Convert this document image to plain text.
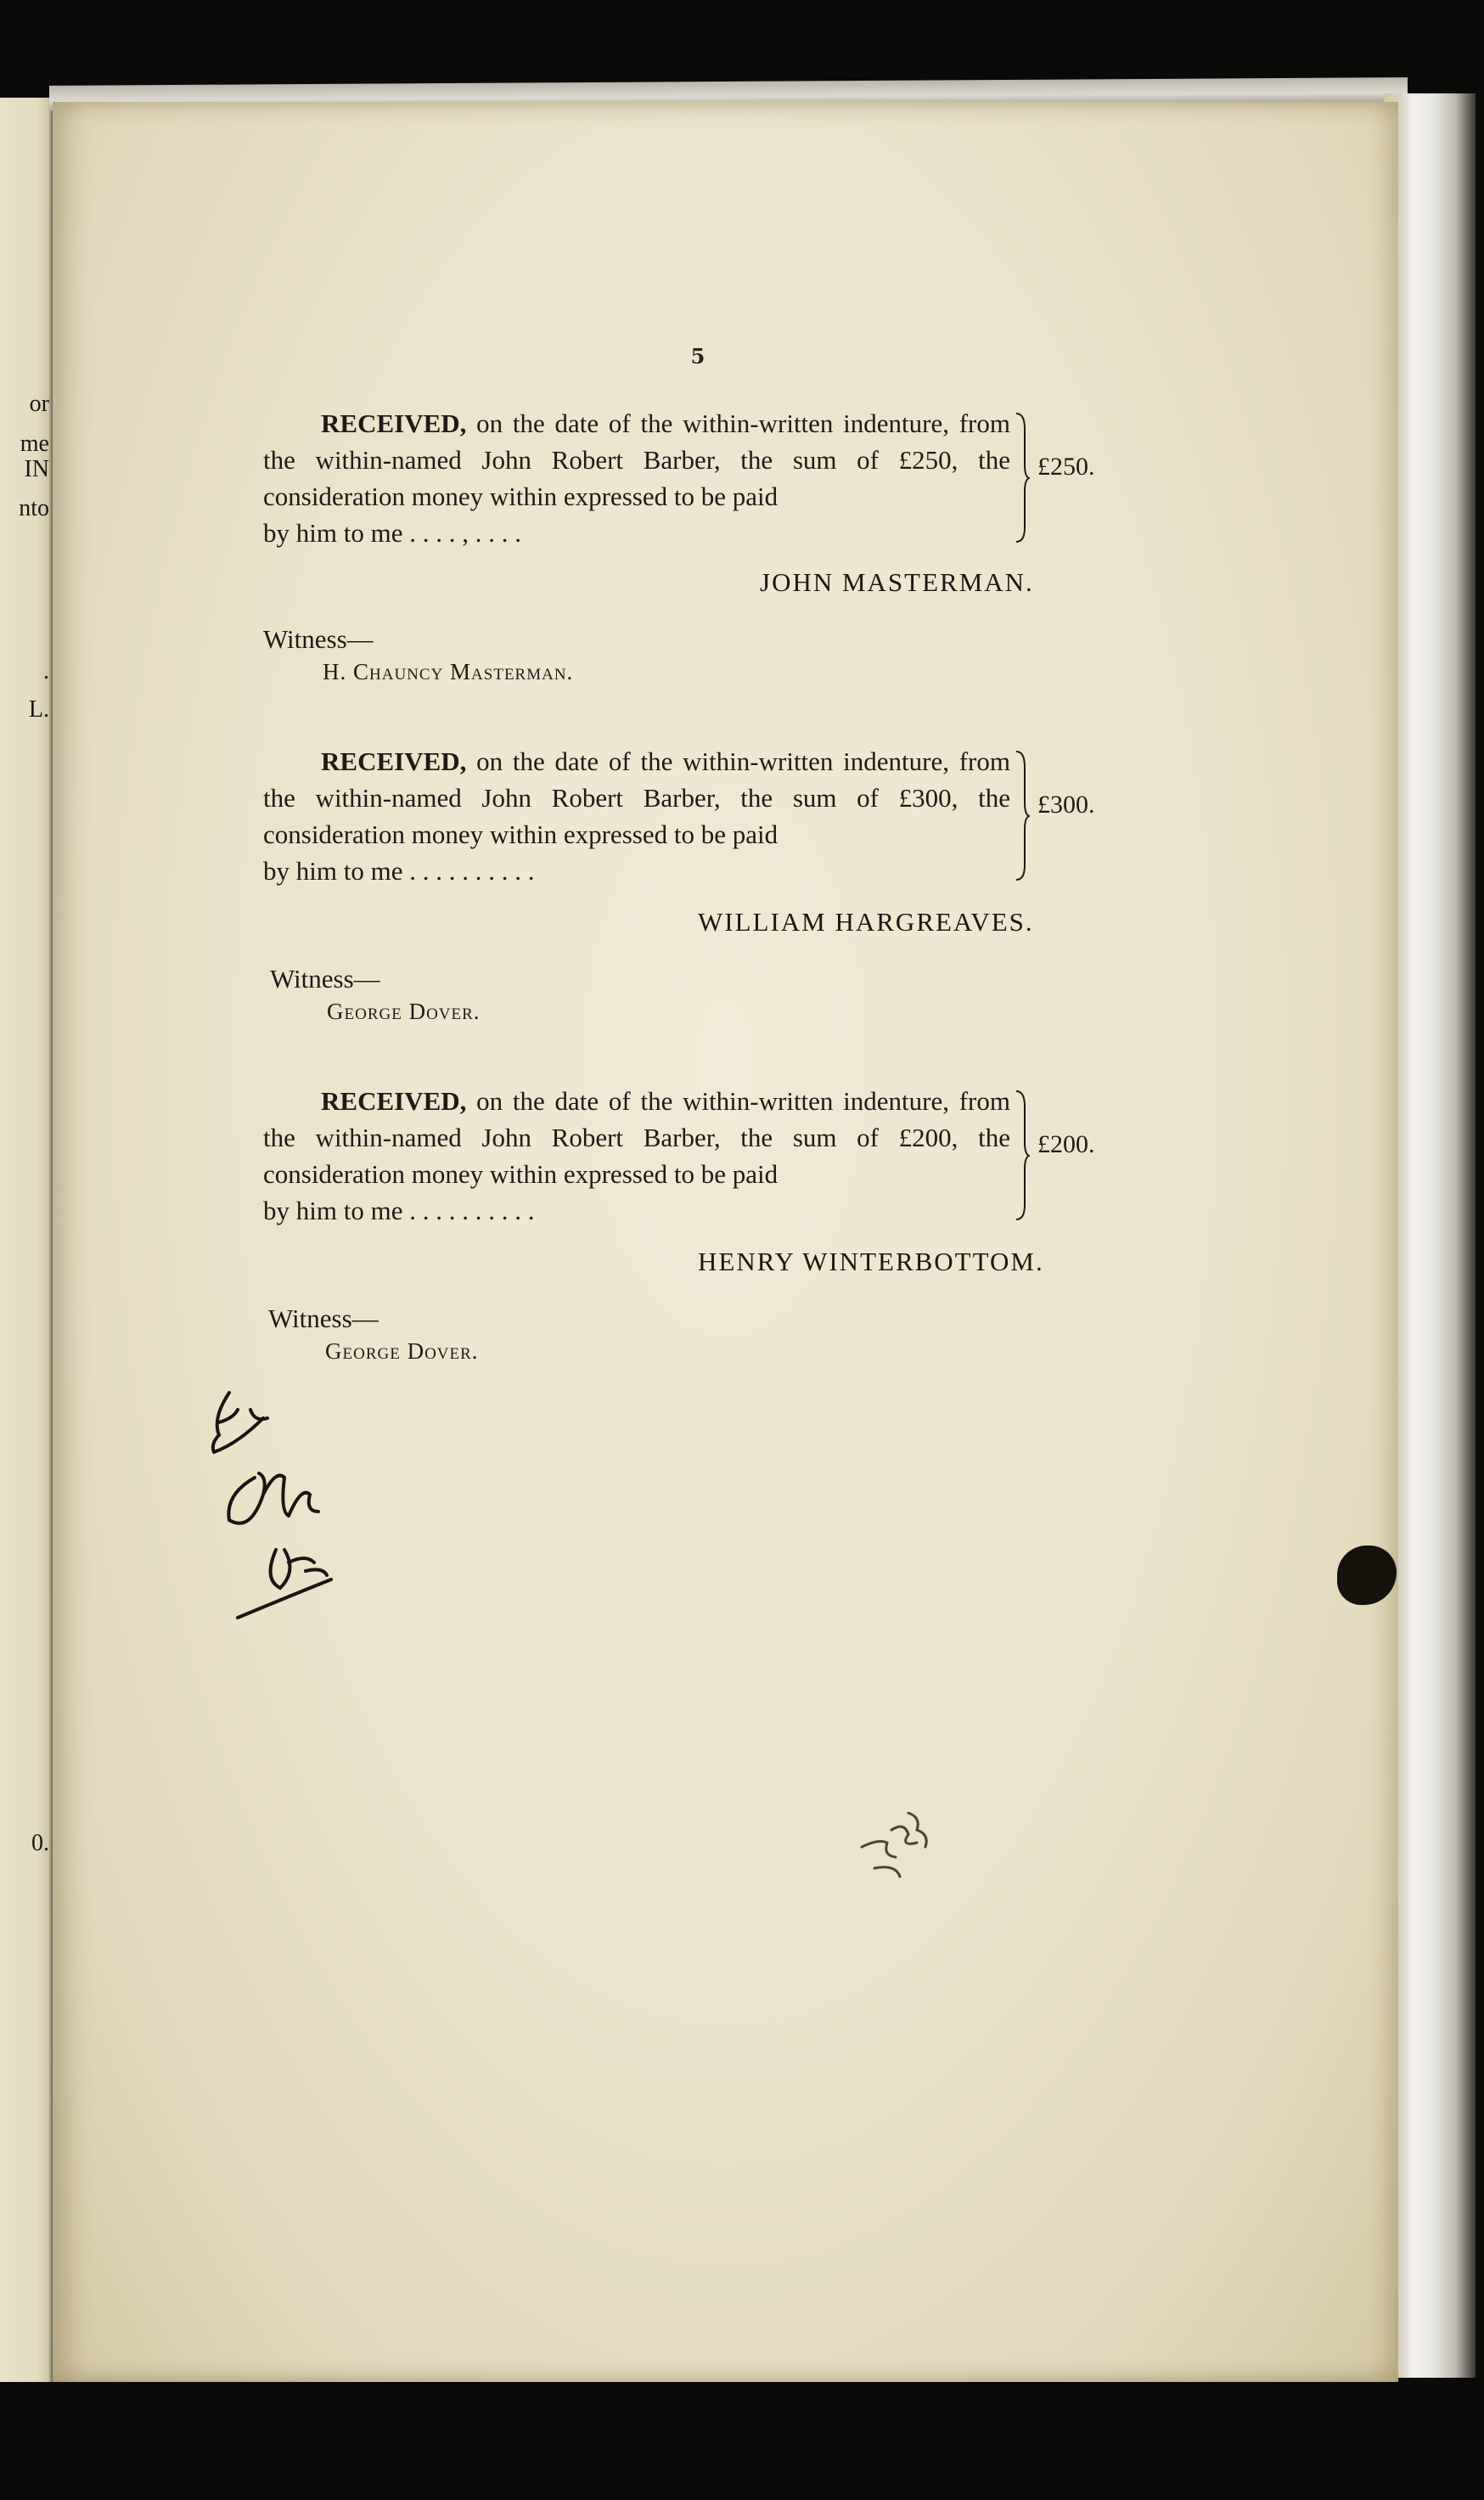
or
me
IN
nto
.
L.
0.
5
RECEIVED, on the date of the within-written indenture, from the within-named John Robert Barber, the sum of £250, the consideration money within expressed to be paid
by him to me . . . . , . . . .
£250.
JOHN MASTERMAN.
Witness—
H. Chauncy Masterman.
RECEIVED, on the date of the within-written indenture, from the within-named John Robert Barber, the sum of £300, the consideration money within expressed to be paid
by him to me . . . . . . . . . .
£300.
WILLIAM HARGREAVES.
Witness—
George Dover.
RECEIVED, on the date of the within-written indenture, from the within-named John Robert Barber, the sum of £200, the consideration money within expressed to be paid
by him to me . . . . . . . . . .
£200.
HENRY WINTERBOTTOM.
Witness—
George Dover.
